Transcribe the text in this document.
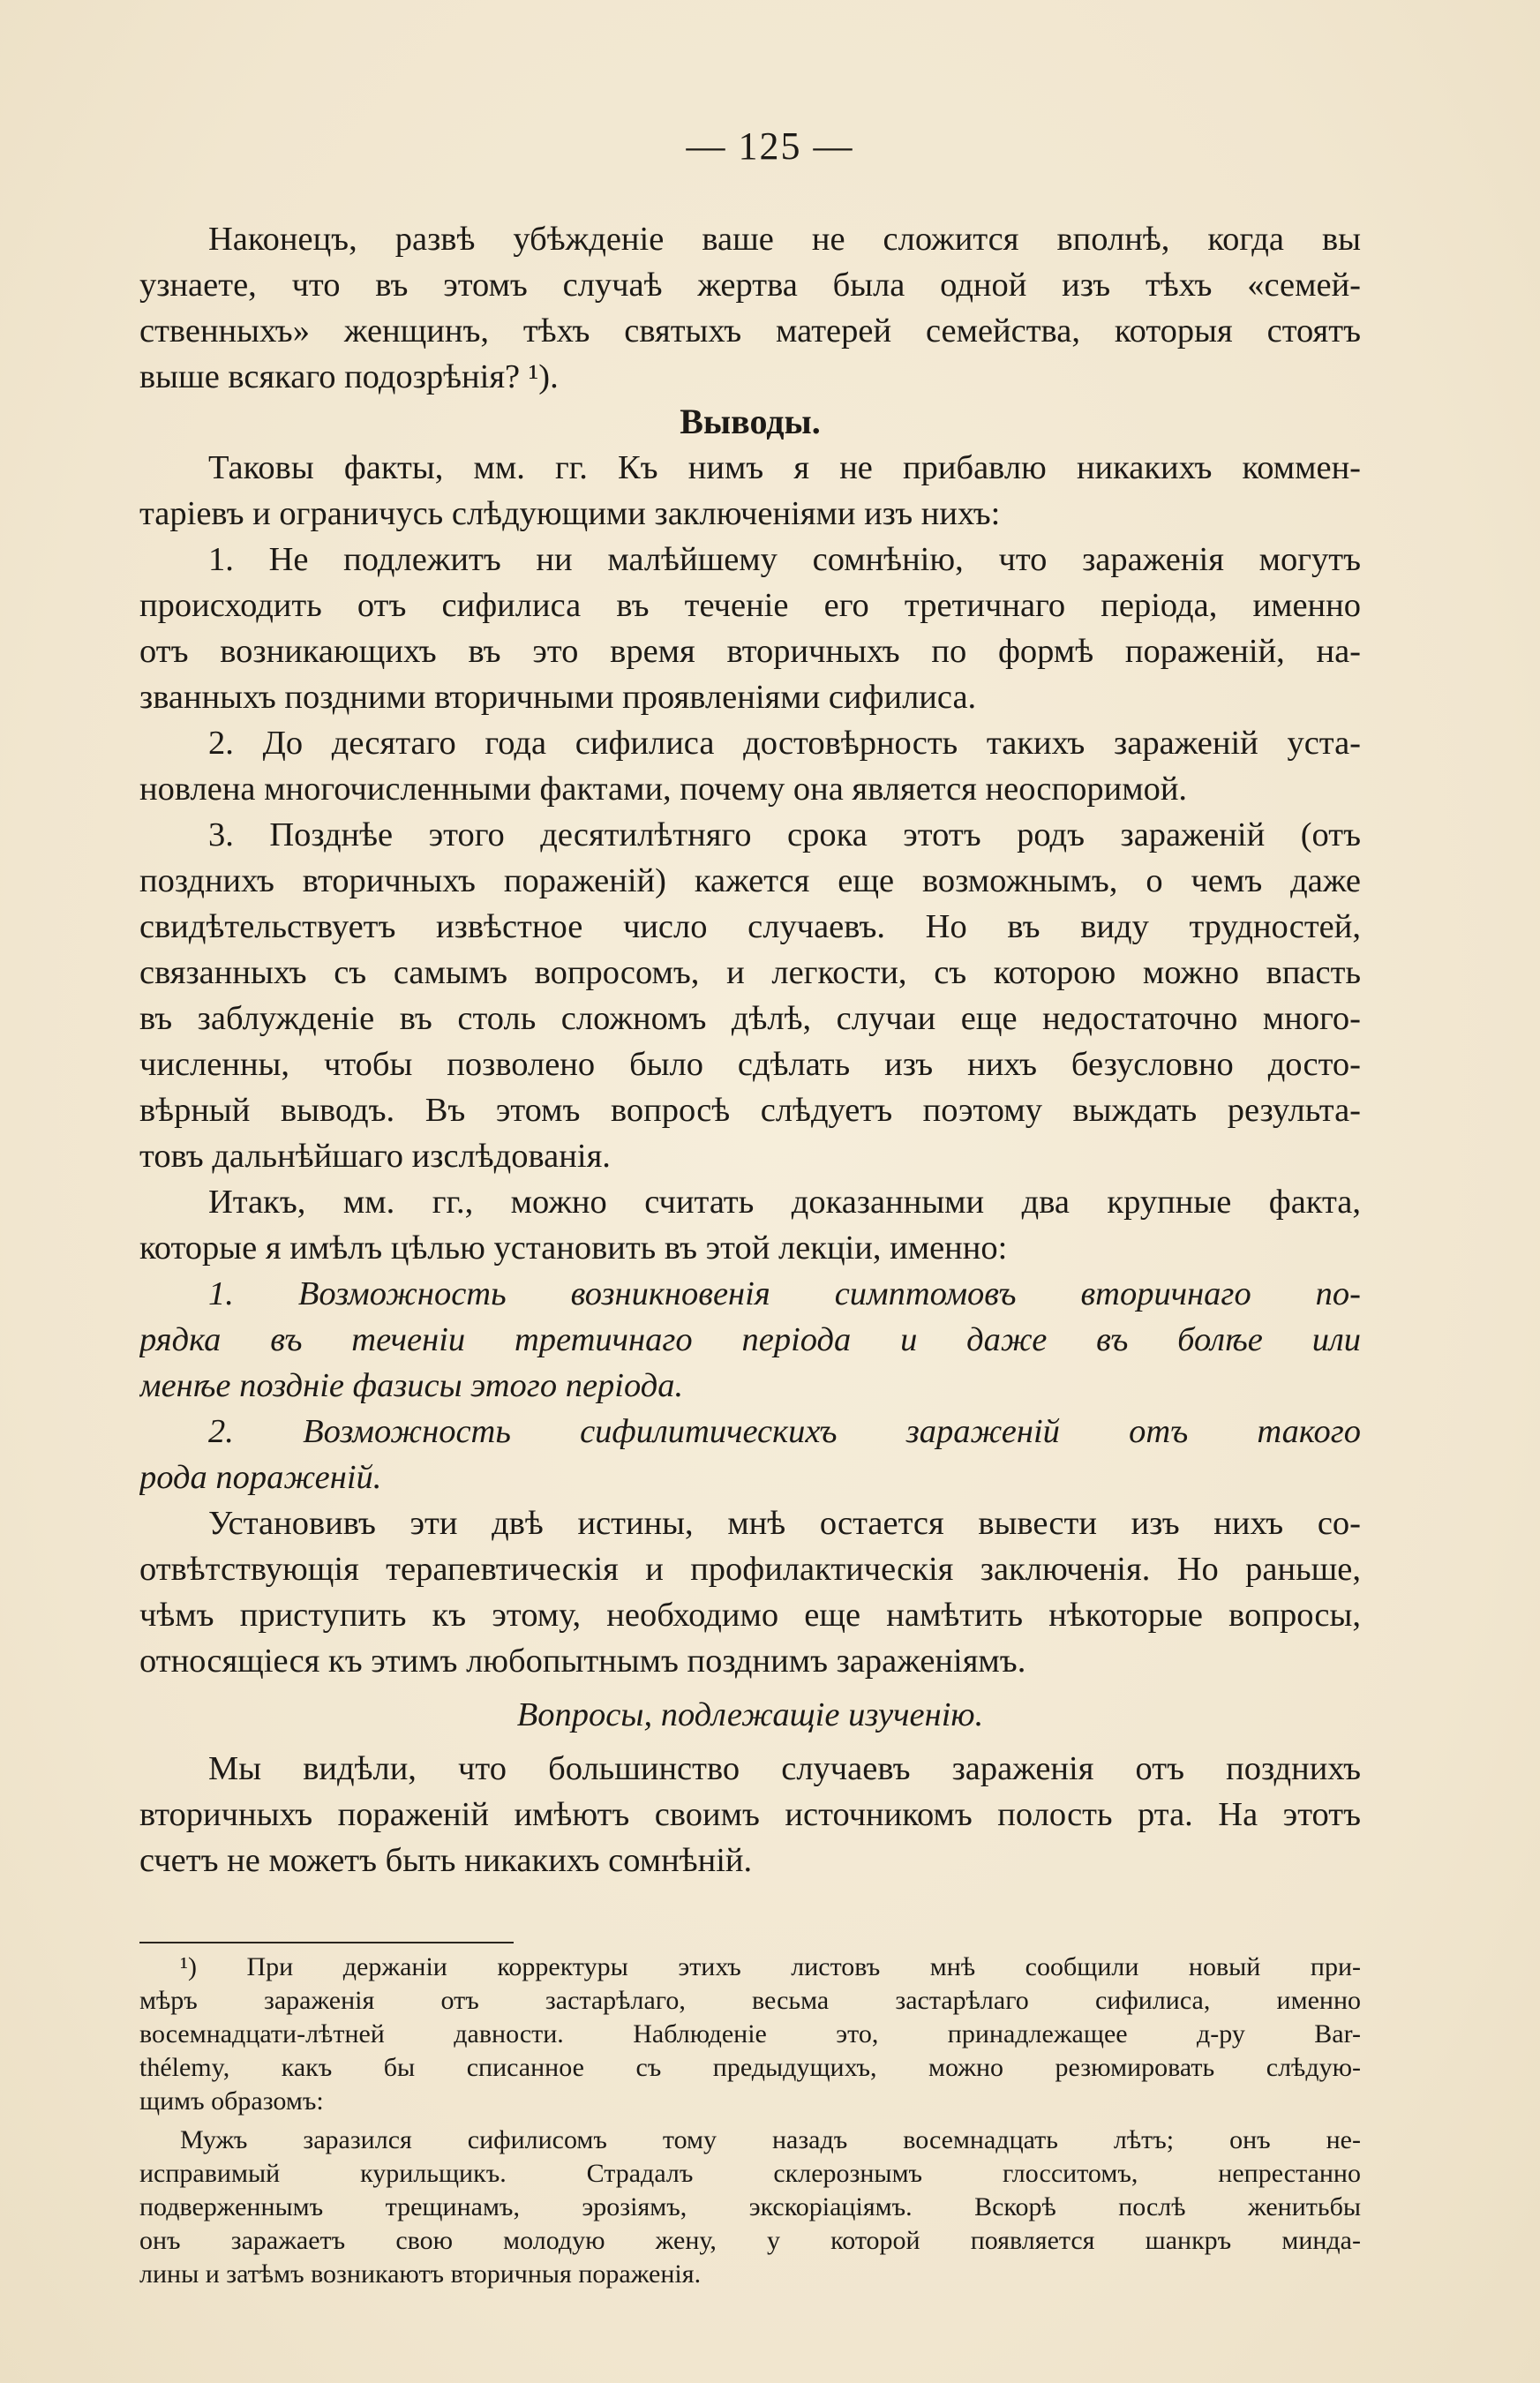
— 125 —
Наконецъ, развѣ убѣжденіе ваше не сложится вполнѣ, когда вы
узнаете, что въ этомъ случаѣ жертва была одной изъ тѣхъ «семей-
ственныхъ» женщинъ, тѣхъ святыхъ матерей семейства, которыя стоятъ
выше всякаго подозрѣнія? ¹).
Выводы.
Таковы факты, мм. гг. Къ нимъ я не прибавлю никакихъ коммен-
таріевъ и ограничусь слѣдующими заключеніями изъ нихъ:
1. Не подлежитъ ни малѣйшему сомнѣнію, что зараженія могутъ
происходить отъ сифилиса въ теченіе его третичнаго періода, именно
отъ возникающихъ въ это время вторичныхъ по формѣ пораженій, на-
званныхъ поздними вторичными проявленіями сифилиса.
2. До десятаго года сифилиса достовѣрность такихъ зараженій уста-
новлена многочисленными фактами, почему она является неоспоримой.
3. Позднѣе этого десятилѣтняго срока этотъ родъ зараженій (отъ
позднихъ вторичныхъ пораженій) кажется еще возможнымъ, о чемъ даже
свидѣтельствуетъ извѣстное число случаевъ. Но въ виду трудностей,
связанныхъ съ самымъ вопросомъ, и легкости, съ которою можно впасть
въ заблужденіе въ столь сложномъ дѣлѣ, случаи еще недостаточно много-
численны, чтобы позволено было сдѣлать изъ нихъ безусловно досто-
вѣрный выводъ. Въ этомъ вопросѣ слѣдуетъ поэтому выждать результа-
товъ дальнѣйшаго изслѣдованія.
Итакъ, мм. гг., можно считать доказанными два крупные факта,
которые я имѣлъ цѣлью установить въ этой лекціи, именно:
1. Возможность возникновенія симптомовъ вторичнаго по-
рядка въ теченіи третичнаго періода и даже въ болѣе или
менѣе поздніе фазисы этого періода.
2. Возможность сифилитическихъ зараженій отъ такого
рода пораженій.
Установивъ эти двѣ истины, мнѣ остается вывести изъ нихъ со-
отвѣтствующія терапевтическія и профилактическія заключенія. Но раньше,
чѣмъ приступить къ этому, необходимо еще намѣтить нѣкоторые вопросы,
относящіеся къ этимъ любопытнымъ позднимъ зараженіямъ.
Вопросы, подлежащіе изученію.
Мы видѣли, что большинство случаевъ зараженія отъ позднихъ
вторичныхъ пораженій имѣютъ своимъ источникомъ полость рта. На этотъ
счетъ не можетъ быть никакихъ сомнѣній.
¹) При держаніи корректуры этихъ листовъ мнѣ сообщили новый при-
мѣръ зараженія отъ застарѣлаго, весьма застарѣлаго сифилиса, именно
восемнадцати-лѣтней давности. Наблюденіе это, принадлежащее д-ру Bar-
thélemy, какъ бы списанное съ предыдущихъ, можно резюмировать слѣдую-
щимъ образомъ:
Мужъ заразился сифилисомъ тому назадъ восемнадцать лѣтъ; онъ не-
исправимый курильщикъ. Страдалъ склерознымъ глосситомъ, непрестанно
подверженнымъ трещинамъ, эрозіямъ, экскоріаціямъ. Вскорѣ послѣ женитьбы
онъ заражаетъ свою молодую жену, у которой появляется шанкръ минда-
лины и затѣмъ возникаютъ вторичныя пораженія.
